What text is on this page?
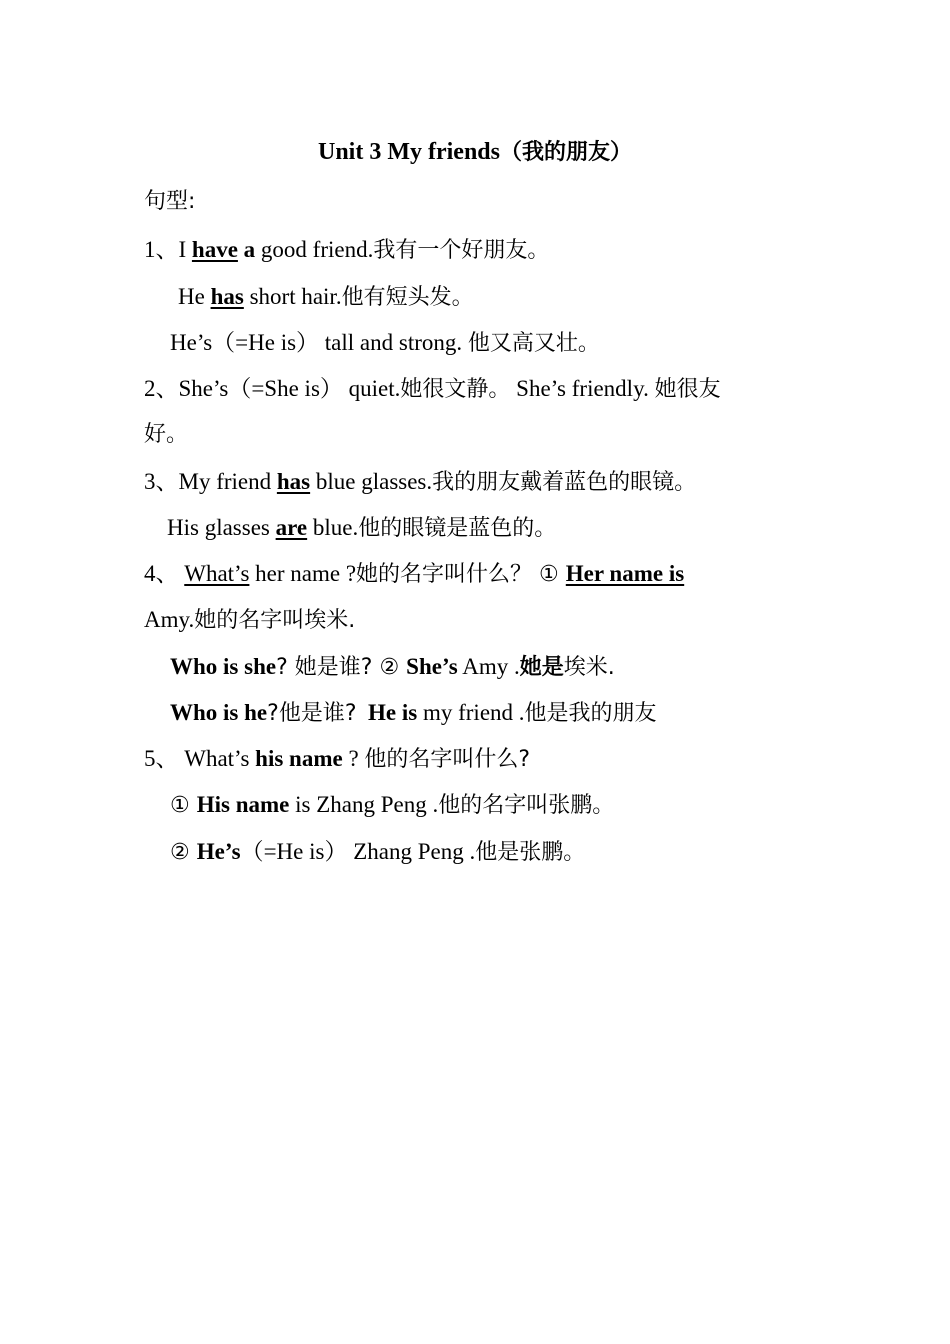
Unit 3 My friends（我的朋友）
句型:
1、I have a good friend.我有一个好朋友。
He has short hair.他有短头发。
He’s（=He is） tall and strong. 他又高又壮。
2、She’s（=She is） quiet.她很文静。 She’s friendly. 她很友
好。
3、My friend has blue glasses.我的朋友戴着蓝色的眼镜。
His glasses are blue.他的眼镜是蓝色的。
4、 What’s her name ?她的名字叫什么？ ① Her name is
Amy.她的名字叫埃米.
Who is she? 她是谁? ② She’s Amy .她是埃米.
Who is he?他是谁? He is my friend .他是我的朋友
5、 What’s his name ? 他的名字叫什么?
① His name is Zhang Peng .他的名字叫张鹏。
② He’s（=He is） Zhang Peng .他是张鹏。
